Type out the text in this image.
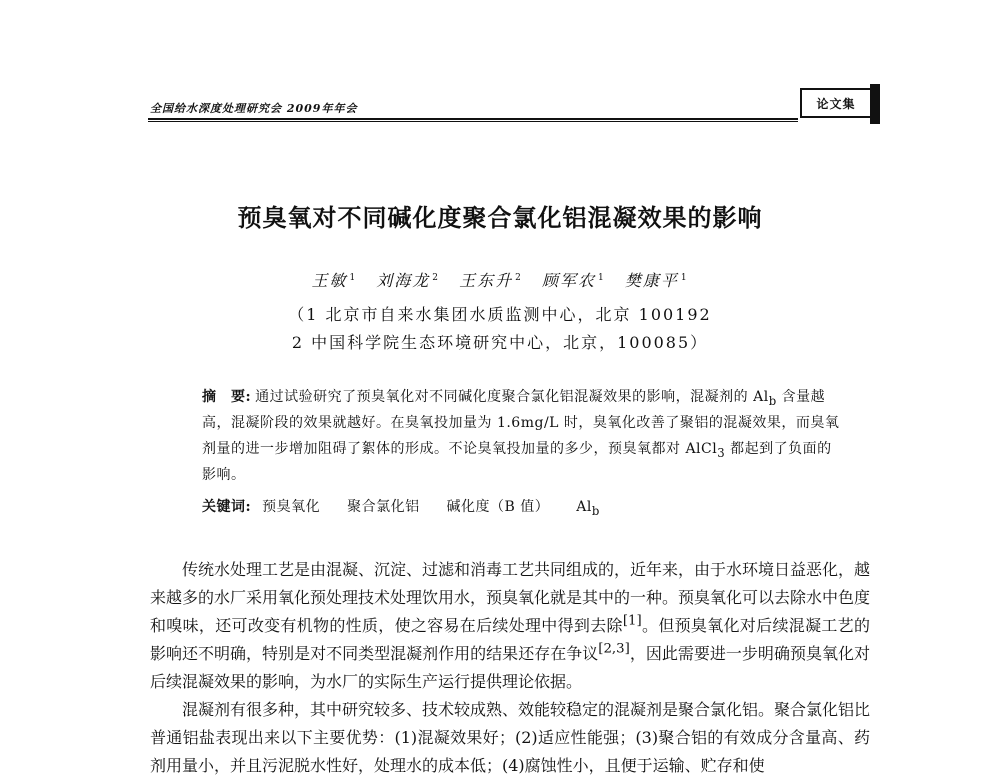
全国给水深度处理研究会 2009年年会	论文集
预臭氧对不同碱化度聚合氯化铝混凝效果的影响
王敏 $^1$ 刘海龙 $^2$ 王东升 $^2$ 顾军农 $^1$ 樊康平 $^1$
（1 北京市自来水集团水质监测中心，北京 100192
2 中国科学院生态环境研究中心，北京，100085）
摘　要: 通过试验研究了预臭氧化对不同碱化度聚合氯化铝混凝效果的影响，混凝剂的 $Al_b$ 含量越高，混凝阶段的效果就越好。在臭氧投加量为 1.6mg/L 时，臭氧化改善了聚铝的混凝效果，而臭氧剂量的进一步增加阻碍了絮体的形成。不论臭氧投加量的多少，预臭氧都对 AlCl$_3$ 都起到了负面的影响。
关键词: 预臭氧化 聚合氯化铝 碱化度（B 值） $Al_b$

传统水处理工艺是由混凝、沉淀、过滤和消毒工艺共同组成的，近年来，由于水环境日益恶化，越来越多的水厂采用氧化预处理技术处理饮用水，预臭氧化就是其中的一种。预臭氧化可以去除水中色度和嗅味，还可改变有机物的性质，使之容易在后续处理中得到去除[1]。但预臭氧化对后续混凝工艺的影响还不明确，特别是对不同类型混凝剂作用的结果还存在争议[2,3]，因此需要进一步明确预臭氧化对后续混凝效果的影响，为水厂的实际生产运行提供理论依据。

混凝剂有很多种，其中研究较多、技术较成熟、效能较稳定的混凝剂是聚合氯化铝。聚合氯化铝比普通铝盐表现出来以下主要优势：(1)混凝效果好；(2)适应性能强；(3)聚合铝的有效成分含量高、药剂用量小，并且污泥脱水性好，处理水的成本低；(4)腐蚀性小，且便于运输、贮存和使
